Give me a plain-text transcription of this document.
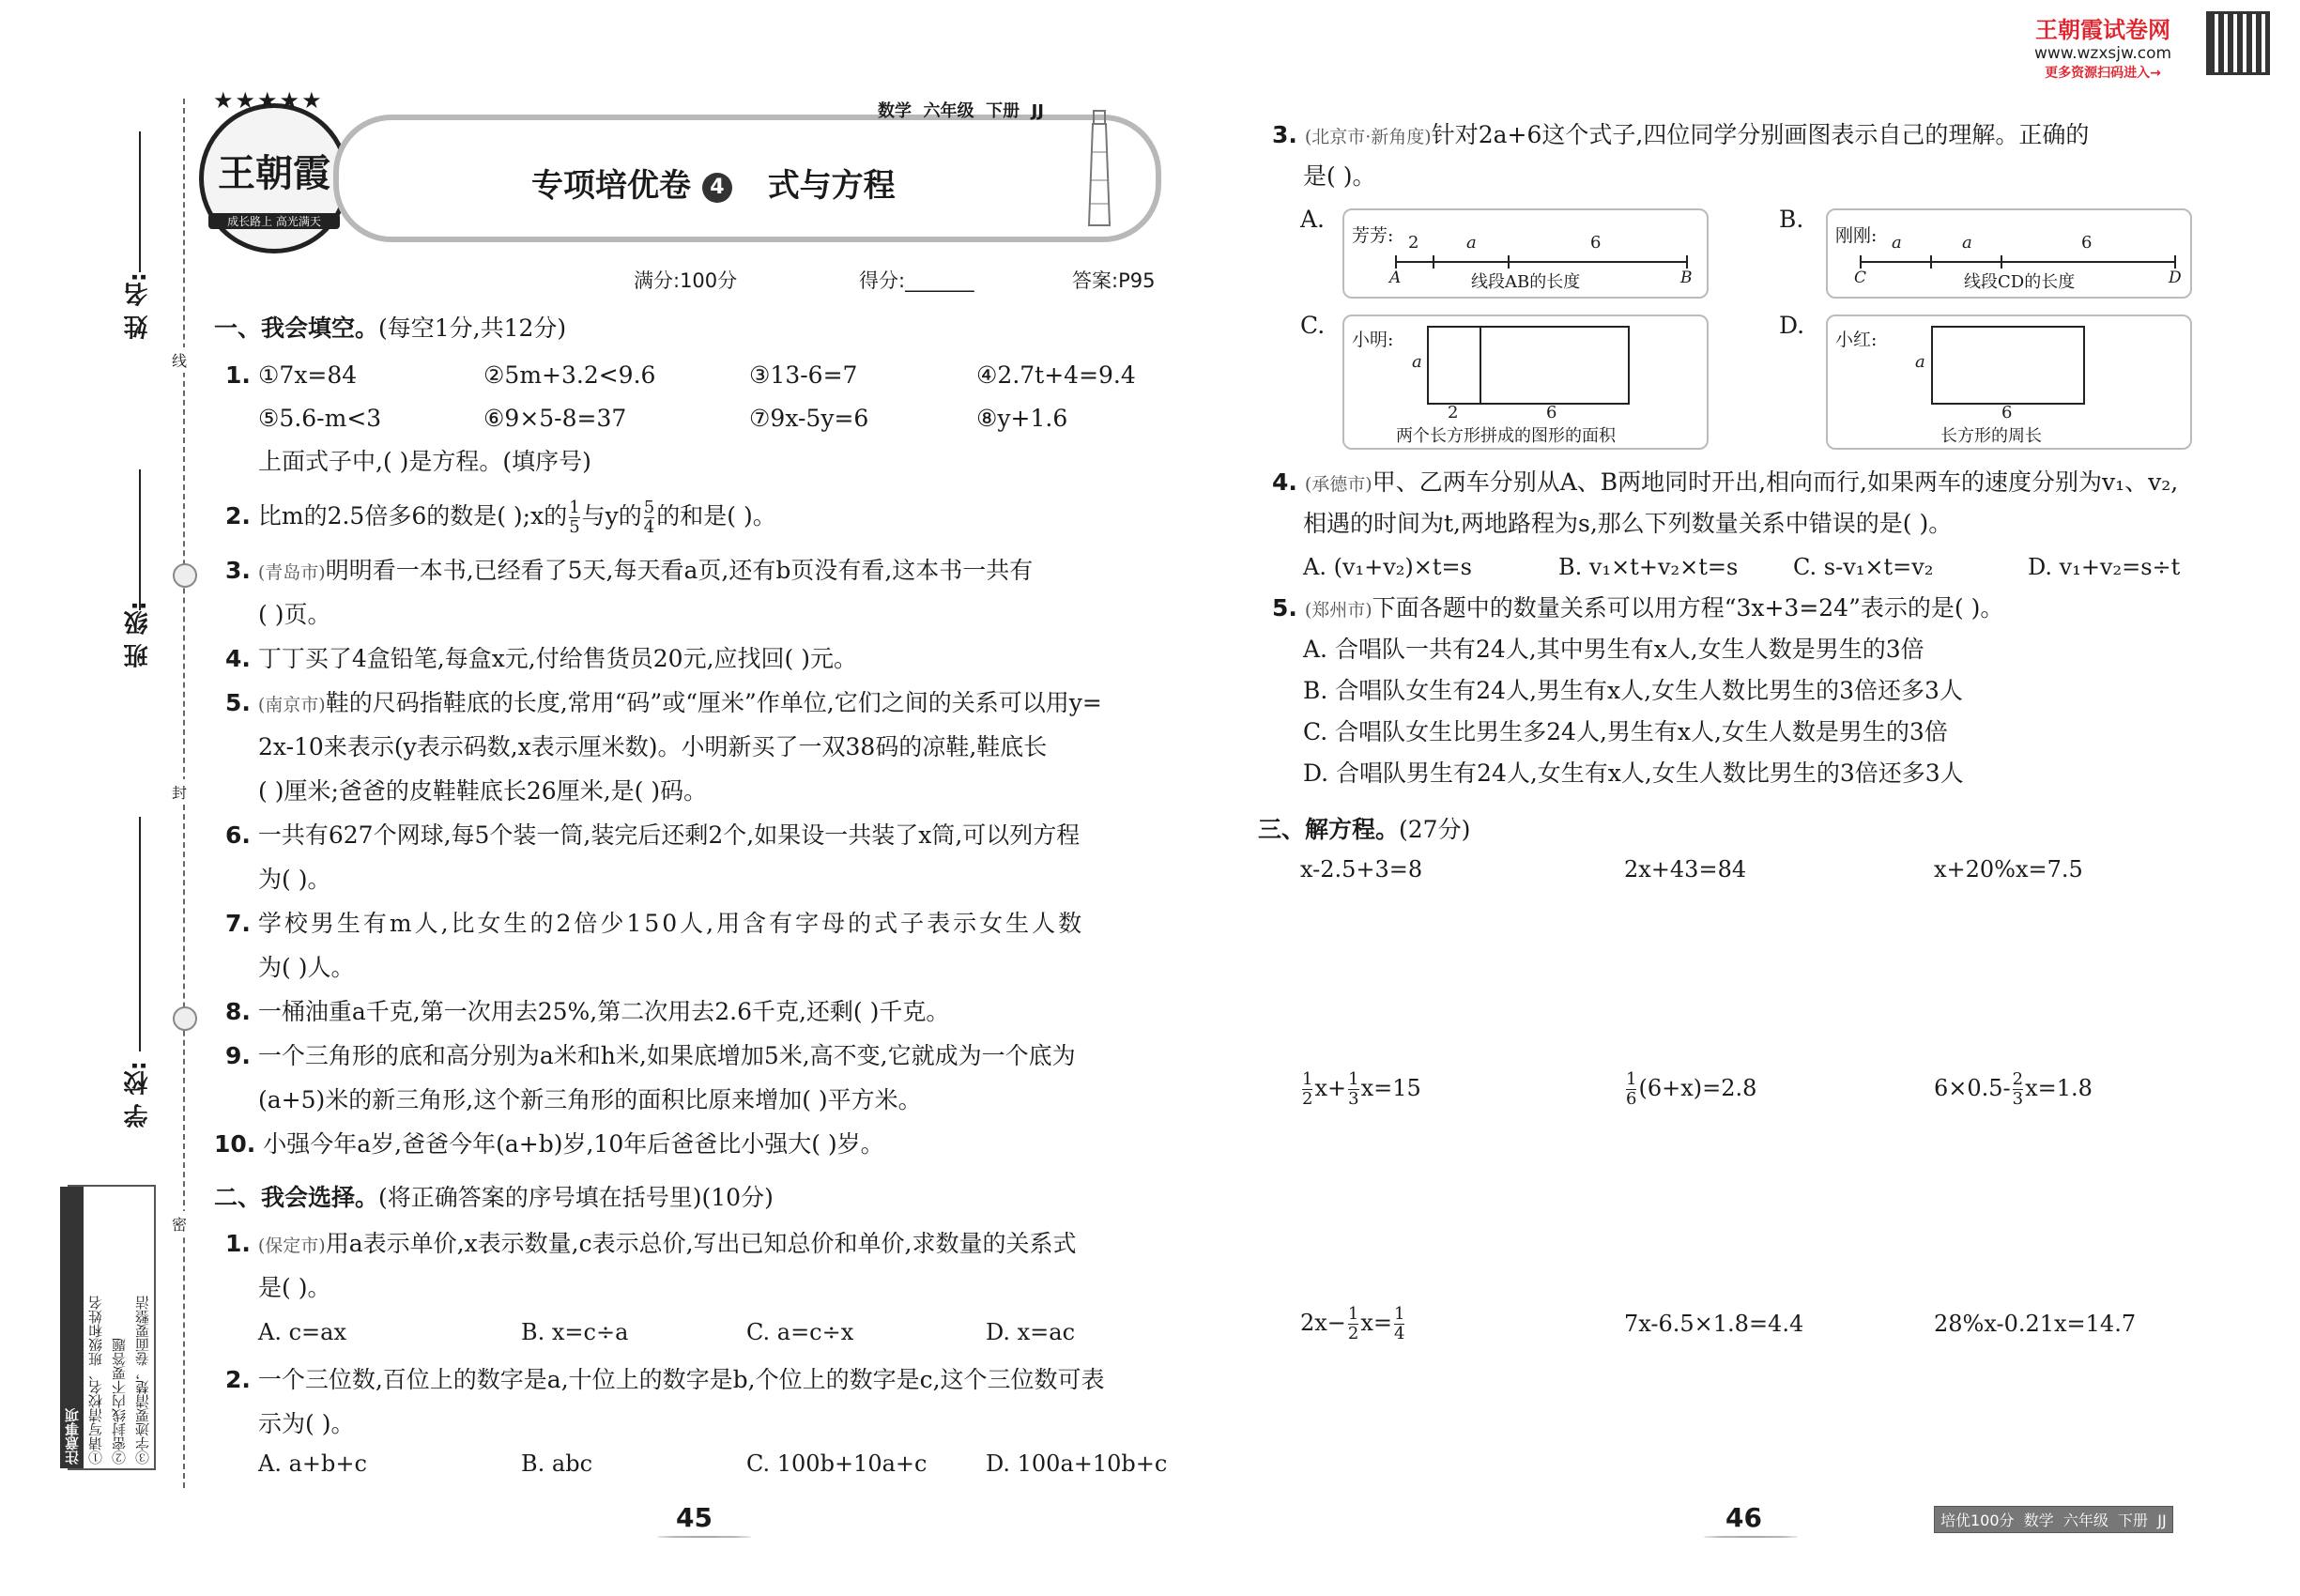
王朝霞试卷网
www.wzxsjw.com
更多资源扫码进入→
姓 名:
班 级:
学 校:
线
封
密
注意事项 ①请写清校名、班级和姓名 ②密封线内不要答题 ③字迹要清楚，卷面要整洁
★★★★★
王朝霞
成长路上 高光满天
数学  六年级  下册  JJ
专项培优卷 4 式与方程
满分:100分	得分:_______	答案:P95
一、我会填空。(每空1分,共12分)
1. ①7x=84	②5m+3.2<9.6	③13-6=7	④2.7t+4=9.4
⑤5.6-m<3	⑥9×5-8=37	⑦9x-5y=6	⑧y+1.6
上面式子中,( )是方程。(填序号)
2. 比m的2.5倍多6的数是( );x的 $\frac{1}{5}$ 与y的 $\frac{5}{4}$ 的和是( )。
3. (青岛市)明明看一本书,已经看了5天,每天看a页,还有b页没有看,这本书一共有
( )页。
4. 丁丁买了4盒铅笔,每盒x元,付给售货员20元,应找回( )元。
5. (南京市)鞋的尺码指鞋底的长度,常用“码”或“厘米”作单位,它们之间的关系可以用y=
2x-10来表示(y表示码数,x表示厘米数)。小明新买了一双38码的凉鞋,鞋底长
( )厘米;爸爸的皮鞋鞋底长26厘米,是( )码。
6. 一共有627个网球,每5个装一筒,装完后还剩2个,如果设一共装了x筒,可以列方程
为( )。
7. 学校男生有m人,比女生的2倍少150人,用含有字母的式子表示女生人数
为( )人。
8. 一桶油重a千克,第一次用去25%,第二次用去2.6千克,还剩( )千克。
9. 一个三角形的底和高分别为a米和h米,如果底增加5米,高不变,它就成为一个底为
(a+5)米的新三角形,这个新三角形的面积比原来增加( )平方米。
10. 小强今年a岁,爸爸今年(a+b)岁,10年后爸爸比小强大( )岁。
二、我会选择。(将正确答案的序号填在括号里)(10分)
1. (保定市)用a表示单价,x表示数量,c表示总价,写出已知总价和单价,求数量的关系式
是( )。
A. c=ax	B. x=c÷a	C. a=c÷x	D. x=ac
2. 一个三位数,百位上的数字是a,十位上的数字是b,个位上的数字是c,这个三位数可表
示为( )。
A. a+b+c	B. abc	C. 100b+10a+c	D. 100a+10b+c
45
3. (北京市·新角度)针对2a+6这个式子,四位同学分别画图表示自己的理解。正确的
是( )。
A.
芳芳: 2	a	6
A	B
线段AB的长度
B.
刚刚: a	a	6
C	D
线段CD的长度
C.
小明:
a
2	6
两个长方形拼成的图形的面积
D.
小红:
a
6
长方形的周长
4. (承德市)甲、乙两车分别从A、B两地同时开出,相向而行,如果两车的速度分别为v₁、v₂,
相遇的时间为t,两地路程为s,那么下列数量关系中错误的是( )。
A. (v₁+v₂)×t=s	B. v₁×t+v₂×t=s C. s-v₁×t=v₂	D. v₁+v₂=s÷t
5. (郑州市)下面各题中的数量关系可以用方程“3x+3=24”表示的是( )。
A. 合唱队一共有24人,其中男生有x人,女生人数是男生的3倍
B. 合唱队女生有24人,男生有x人,女生人数比男生的3倍还多3人
C. 合唱队女生比男生多24人,男生有x人,女生人数是男生的3倍
D. 合唱队男生有24人,女生有x人,女生人数比男生的3倍还多3人
三、解方程。(27分)
x-2.5+3=8	2x+43=84	x+20%x=7.5
$\frac{1}{2} x+ \frac{1}{3} x=15$	$\frac{1}{6} (6+x)=2.8$	$6\times 0.5- \frac{2}{3} x=1.8$
$2x- \frac{1}{2} x= \frac{1}{4}$	7x-6.5×1.8=4.4	28%x-0.21x=14.7
46	培优100分  数学  六年级  下册  JJ
